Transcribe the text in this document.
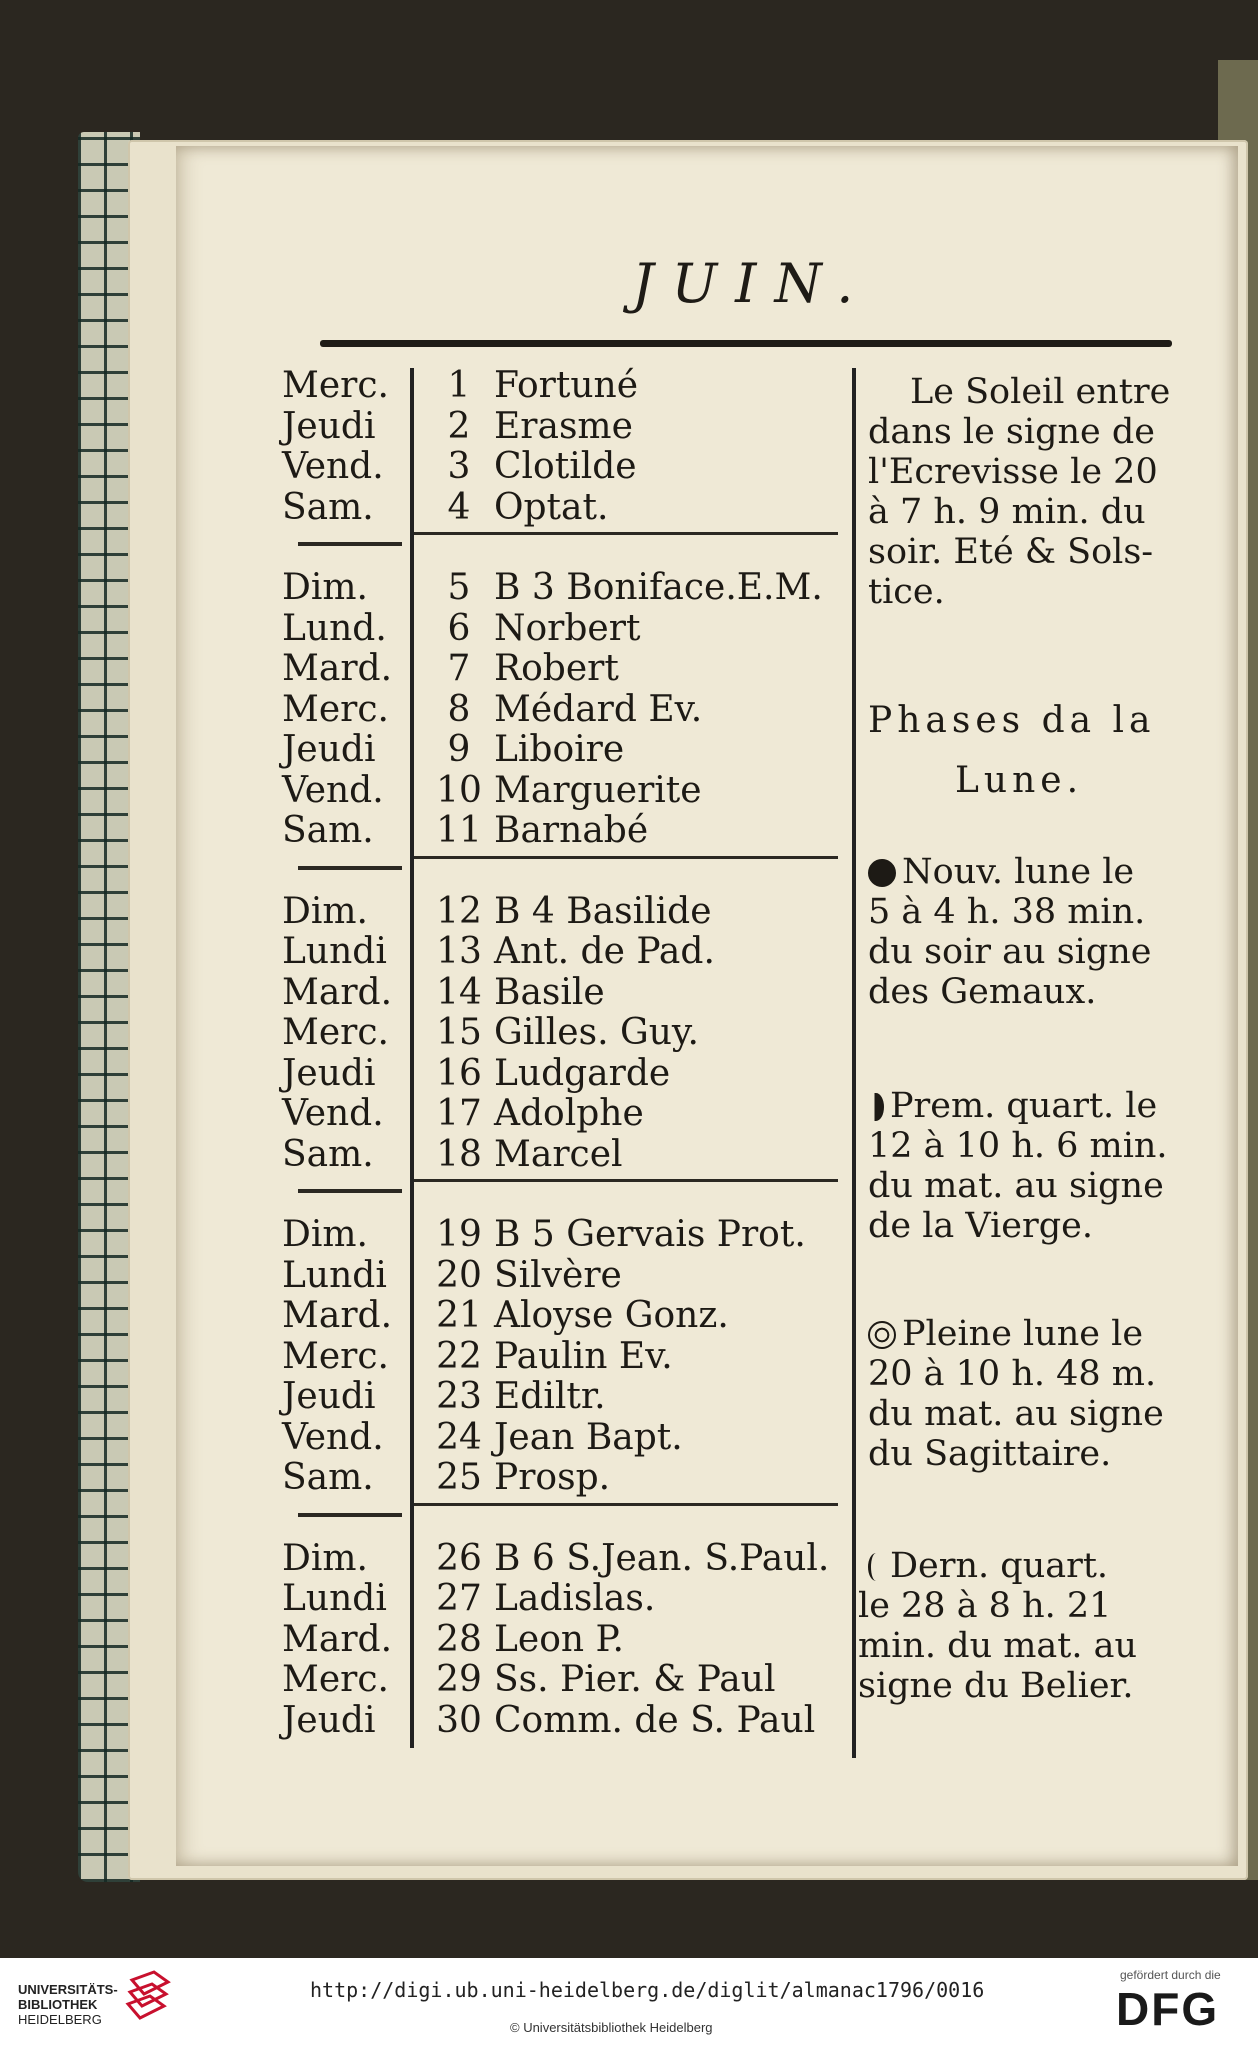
JUIN.
Merc.	1 Fortuné
Jeudi	2 Erasme
Vend.	3 Clotilde
Sam.	4 Optat.
Dim.	5 B 3 Boniface.E.M.
Lund.	6 Norbert
Mard.	7 Robert
Merc.	8 Médard Ev.
Jeudi	9 Liboire
Vend. 10 Marguerite
Sam. 11 Barnabé
Dim. 12 B 4 Basilide
Lundi 13 Ant. de Pad.
Mard. 14 Basile
Merc. 15 Gilles. Guy.
Jeudi 16 Ludgarde
Vend. 17 Adolphe
Sam. 18 Marcel
Dim. 19 B 5 Gervais Prot.
Lundi 20 Silvère
Mard. 21 Aloyse Gonz.
Merc. 22 Paulin Ev.
Jeudi 23 Ediltr.
Vend. 24 Jean Bapt.
Sam. 25 Prosp.
Dim. 26 B 6 S.Jean. S.Paul.
Lundi 27 Ladislas.
Mard. 28 Leon P.
Merc. 29 Ss. Pier. & Paul
Jeudi 30 Comm. de S. Paul
Le Soleil entre
dans le signe de
l'Ecrevisse le 20
à 7 h. 9 min. du
soir. Eté & Sols-
tice.
Phases da la
Lune.
Nouv. lune le
5 à 4 h. 38 min.
du soir au signe
des Gemaux.
Prem. quart. le
12 à 10 h. 6 min.
du mat. au signe
de la Vierge.
Pleine lune le
20 à 10 h. 48 m.
du mat. au signe
du Sagittaire.
Dern. quart.
le 28 à 8 h. 21
min. du mat. au
signe du Belier.
UNIVERSITÄTS-
BIBLIOTHEK
HEIDELBERG
http://digi.ub.uni-heidelberg.de/diglit/almanac1796/0016
© Universitätsbibliothek Heidelberg
gefördert durch die
DFG
